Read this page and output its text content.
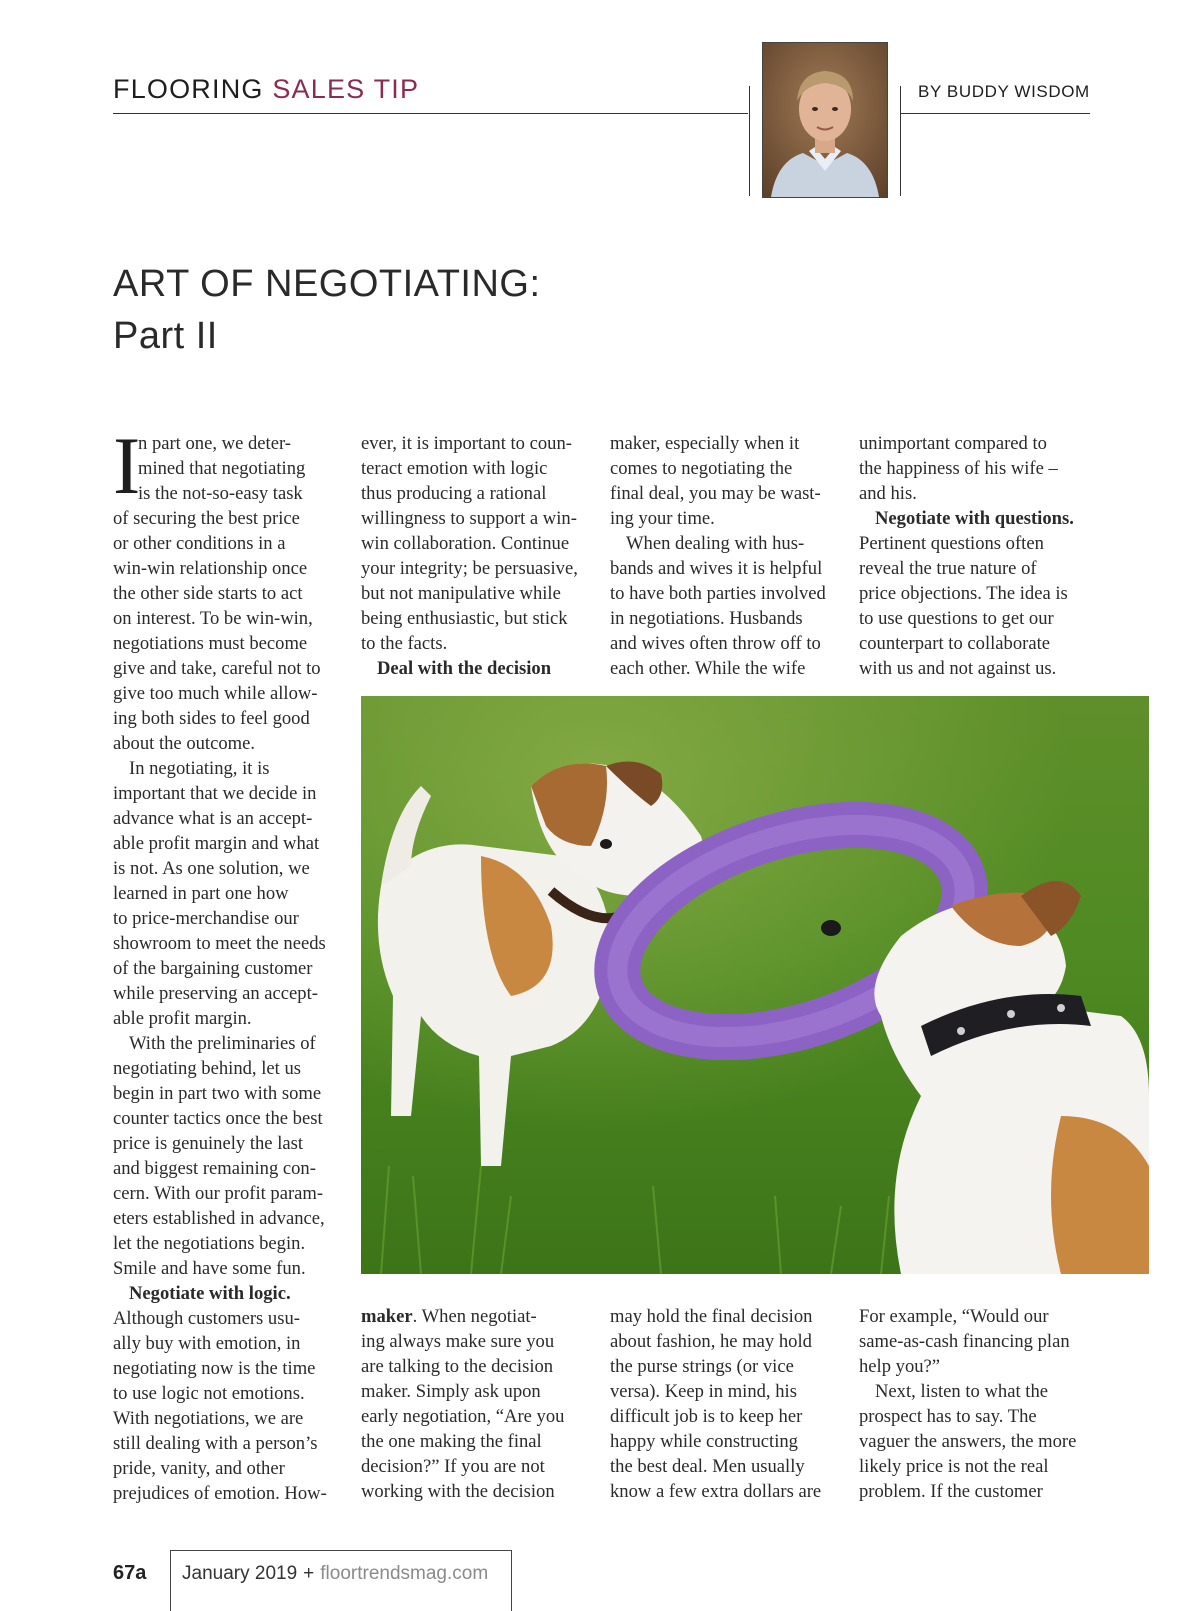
FLOORING SALES TIP	BY BUDDY WISDOM
ART OF NEGOTIATING:
Part II
I
n part one, we deter-
mined that negotiating
is the not-so-easy task
of securing the best price
or other conditions in a
win-win relationship once
the other side starts to act
on interest. To be win-win,
negotiations must become
give and take, careful not to
give too much while allow-
ing both sides to feel good
about the outcome.
In negotiating, it is
important that we decide in
advance what is an accept-
able profit margin and what
is not. As one solution, we
learned in part one how
to price-merchandise our
showroom to meet the needs
of the bargaining customer
while preserving an accept-
able profit margin.
With the preliminaries of
negotiating behind, let us
begin in part two with some
counter tactics once the best
price is genuinely the last
and biggest remaining con-
cern. With our profit param-
eters established in advance,
let the negotiations begin.
Smile and have some fun.
Negotiate with logic.
Although customers usu-
ally buy with emotion, in
negotiating now is the time
to use logic not emotions.
With negotiations, we are
still dealing with a person’s
pride, vanity, and other
prejudices of emotion. How-
ever, it is important to coun-
teract emotion with logic
thus producing a rational
willingness to support a win-
win collaboration. Continue
your integrity; be persuasive,
but not manipulative while
being enthusiastic, but stick
to the facts.
Deal with the decision
maker, especially when it
comes to negotiating the
final deal, you may be wast-
ing your time.
When dealing with hus-
bands and wives it is helpful
to have both parties involved
in negotiations. Husbands
and wives often throw off to
each other. While the wife
unimportant compared to
the happiness of his wife –
and his.
Negotiate with questions.
Pertinent questions often
reveal the true nature of
price objections. The idea is
to use questions to get our
counterpart to collaborate
with us and not against us.
maker. When negotiat-
ing always make sure you
are talking to the decision
maker. Simply ask upon
early negotiation, “Are you
the one making the final
decision?” If you are not
working with the decision
may hold the final decision
about fashion, he may hold
the purse strings (or vice
versa). Keep in mind, his
difficult job is to keep her
happy while constructing
the best deal. Men usually
know a few extra dollars are
For example, “Would our
same-as-cash financing plan
help you?”
Next, listen to what the
prospect has to say. The
vaguer the answers, the more
likely price is not the real
problem. If the customer
67a January 2019 + floortrendsmag.com
